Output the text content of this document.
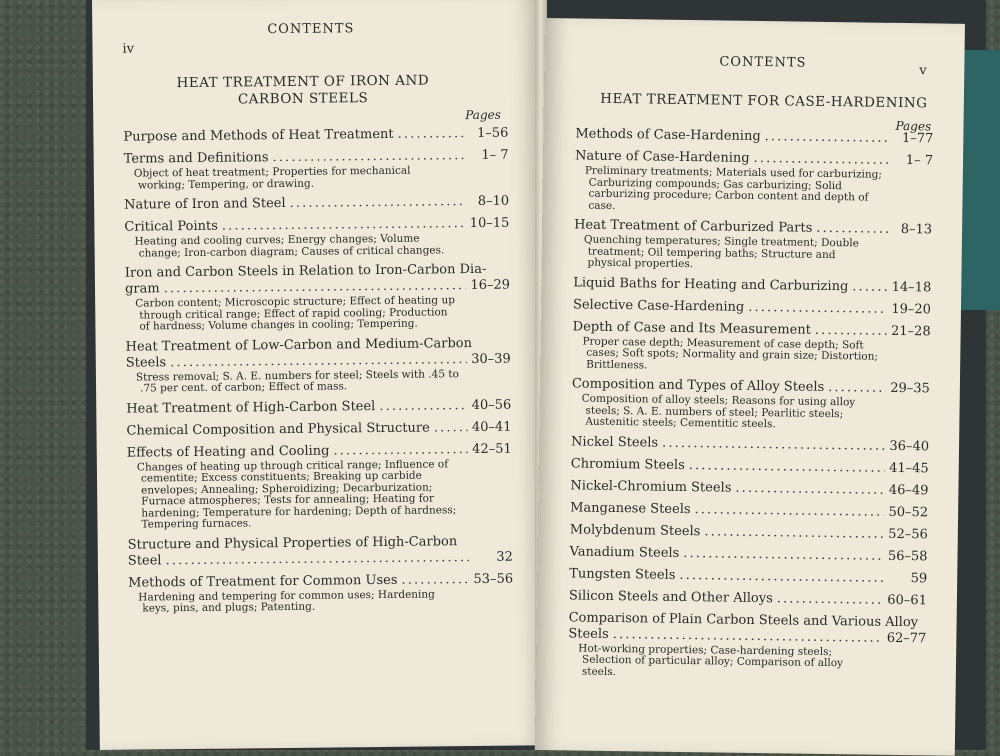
iv
CONTENTS
HEAT TREATMENT OF IRON AND
CARBON STEELS
Pages
Purpose and Methods of Heat Treatment . . .	1–56
Terms and Definitions . . .	1– 7
Object of heat treatment; Properties for mechanical working; Tempering, or drawing.
Nature of Iron and Steel . . .	8–10
Critical Points . . .	10–15
Heating and cooling curves; Energy changes; Volume change; Iron-carbon diagram; Causes of critical changes.
Iron and Carbon Steels in Relation to Iron-Carbon Dia-
gram . . .	16–29
Carbon content; Microscopic structure; Effect of heating up through critical range; Effect of rapid cooling; Production of hardness; Volume changes in cooling; Tempering.
Heat Treatment of Low-Carbon and Medium-Carbon
Steels . . .	30–39
Stress removal; S. A. E. numbers for steel; Steels with .45 to .75 per cent. of carbon; Effect of mass.
Heat Treatment of High-Carbon Steel . . .	40–56
Chemical Composition and Physical Structure . . .	40–41
Effects of Heating and Cooling . . .	42–51
Changes of heating up through critical range; Influence of cementite; Excess constituents; Breaking up carbide envelopes; Annealing; Spheroidizing; Decarburization; Furnace atmospheres; Tests for annealing; Heating for hardening; Temperature for hardening; Depth of hardness; Tempering furnaces.
Structure and Physical Properties of High-Carbon
Steel . . .	32
Methods of Treatment for Common Uses . . .	53–56
Hardening and tempering for common uses; Hardening keys, pins, and plugs; Patenting.
CONTENTS
v
HEAT TREATMENT FOR CASE-HARDENING
Pages
Methods of Case-Hardening . . .	1–77
Nature of Case-Hardening . . .	1– 7
Preliminary treatments; Materials used for carburizing; Carburizing compounds; Gas carburizing; Solid carburizing procedure; Carbon content and depth of case.
Heat Treatment of Carburized Parts . . .	8–13
Quenching temperatures; Single treatment; Double treatment; Oil tempering baths; Structure and physical properties.
Liquid Baths for Heating and Carburizing . . .	14–18
Selective Case-Hardening . . .	19–20
Depth of Case and Its Measurement . . .	21–28
Proper case depth; Measurement of case depth; Soft cases; Soft spots; Normality and grain size; Distortion; Brittleness.
Composition and Types of Alloy Steels . . .	29–35
Composition of alloy steels; Reasons for using alloy steels; S. A. E. numbers of steel; Pearlitic steels; Austenitic steels; Cementitic steels.
Nickel Steels . . .	36–40
Chromium Steels . . .	41–45
Nickel-Chromium Steels . . .	46–49
Manganese Steels . . .	50–52
Molybdenum Steels . . .	52–56
Vanadium Steels . . .	56–58
Tungsten Steels . . .	59
Silicon Steels and Other Alloys . . .	60–61
Comparison of Plain Carbon Steels and Various Alloy
Steels . . .	62–77
Hot-working properties; Case-hardening steels; Selection of particular alloy; Comparison of alloy steels.
